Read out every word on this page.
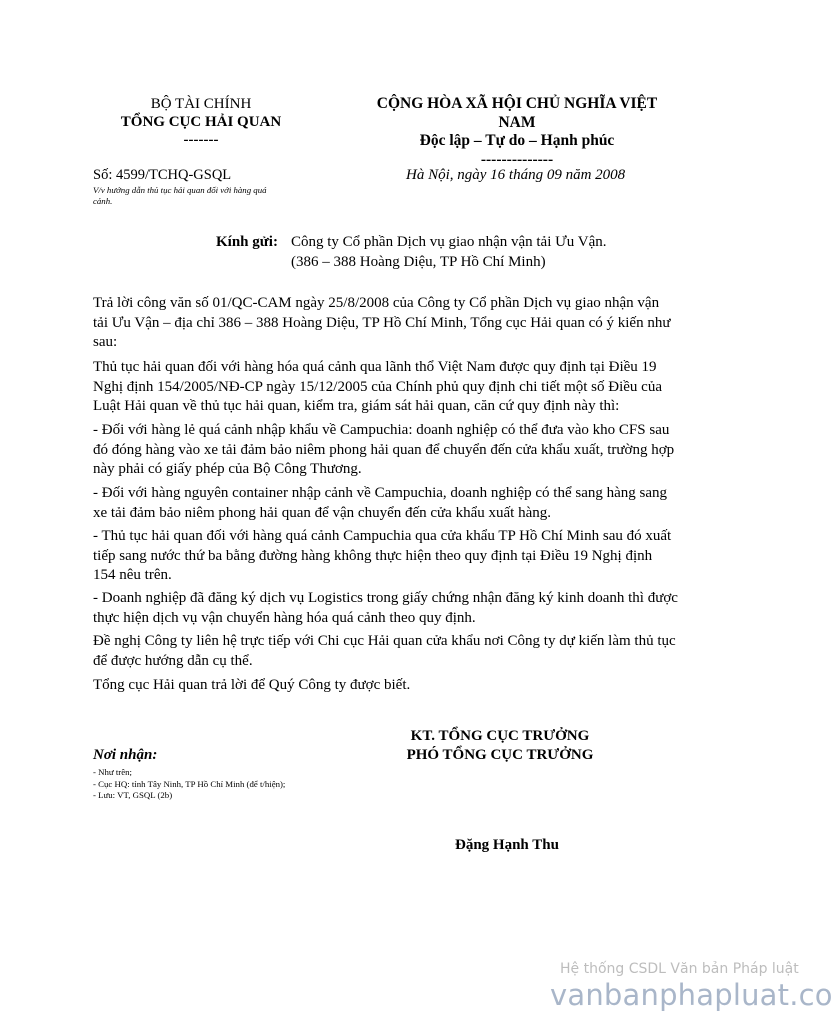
BỘ TÀI CHÍNH
TỔNG CỤC HẢI QUAN
-------
CỘNG HÒA XÃ HỘI CHỦ NGHĨA VIỆT
NAM
Độc lập – Tự do – Hạnh phúc
--------------
Số: 4599/TCHQ-GSQL
V/v hướng dẫn thủ tục hải quan đối với hàng quá
cảnh.
Hà Nội, ngày 16 tháng 09 năm 2008
Kính gửi: Công ty Cổ phần Dịch vụ giao nhận vận tải Ưu Vận.
(386 – 388 Hoàng Diệu, TP Hồ Chí Minh)
Trả lời công văn số 01/QC-CAM ngày 25/8/2008 của Công ty Cổ phần Dịch vụ giao nhận vận
tải Ưu Vận – địa chỉ 386 – 388 Hoàng Diệu, TP Hồ Chí Minh, Tổng cục Hải quan có ý kiến như
sau:
Thủ tục hải quan đối với hàng hóa quá cảnh qua lãnh thổ Việt Nam được quy định tại Điều 19
Nghị định 154/2005/NĐ-CP ngày 15/12/2005 của Chính phủ quy định chi tiết một số Điều của
Luật Hải quan về thủ tục hải quan, kiểm tra, giám sát hải quan, căn cứ quy định này thì:
- Đối với hàng lẻ quá cảnh nhập khẩu về Campuchia: doanh nghiệp có thể đưa vào kho CFS sau
đó đóng hàng vào xe tải đảm bảo niêm phong hải quan để chuyển đến cửa khẩu xuất, trường hợp
này phải có giấy phép của Bộ Công Thương.
- Đối với hàng nguyên container nhập cảnh về Campuchia, doanh nghiệp có thể sang hàng sang
xe tải đảm bảo niêm phong hải quan để vận chuyển đến cửa khẩu xuất hàng.
- Thủ tục hải quan đối với hàng quá cảnh Campuchia qua cửa khẩu TP Hồ Chí Minh sau đó xuất
tiếp sang nước thứ ba bằng đường hàng không thực hiện theo quy định tại Điều 19 Nghị định
154 nêu trên.
- Doanh nghiệp đã đăng ký dịch vụ Logistics trong giấy chứng nhận đăng ký kinh doanh thì được
thực hiện dịch vụ vận chuyển hàng hóa quá cảnh theo quy định.
Đề nghị Công ty liên hệ trực tiếp với Chi cục Hải quan cửa khẩu nơi Công ty dự kiến làm thủ tục
để được hướng dẫn cụ thể.
Tổng cục Hải quan trả lời để Quý Công ty được biết.
KT. TỔNG CỤC TRƯỞNG
PHÓ TỔNG CỤC TRƯỞNG
Đặng Hạnh Thu
Nơi nhận:
- Như trên;
- Cục HQ: tỉnh Tây Ninh, TP Hồ Chí Minh (để t/hiện);
- Lưu: VT, GSQL (2b)
Hệ thống CSDL Văn bản Pháp luật
vanbanphapluat.co
